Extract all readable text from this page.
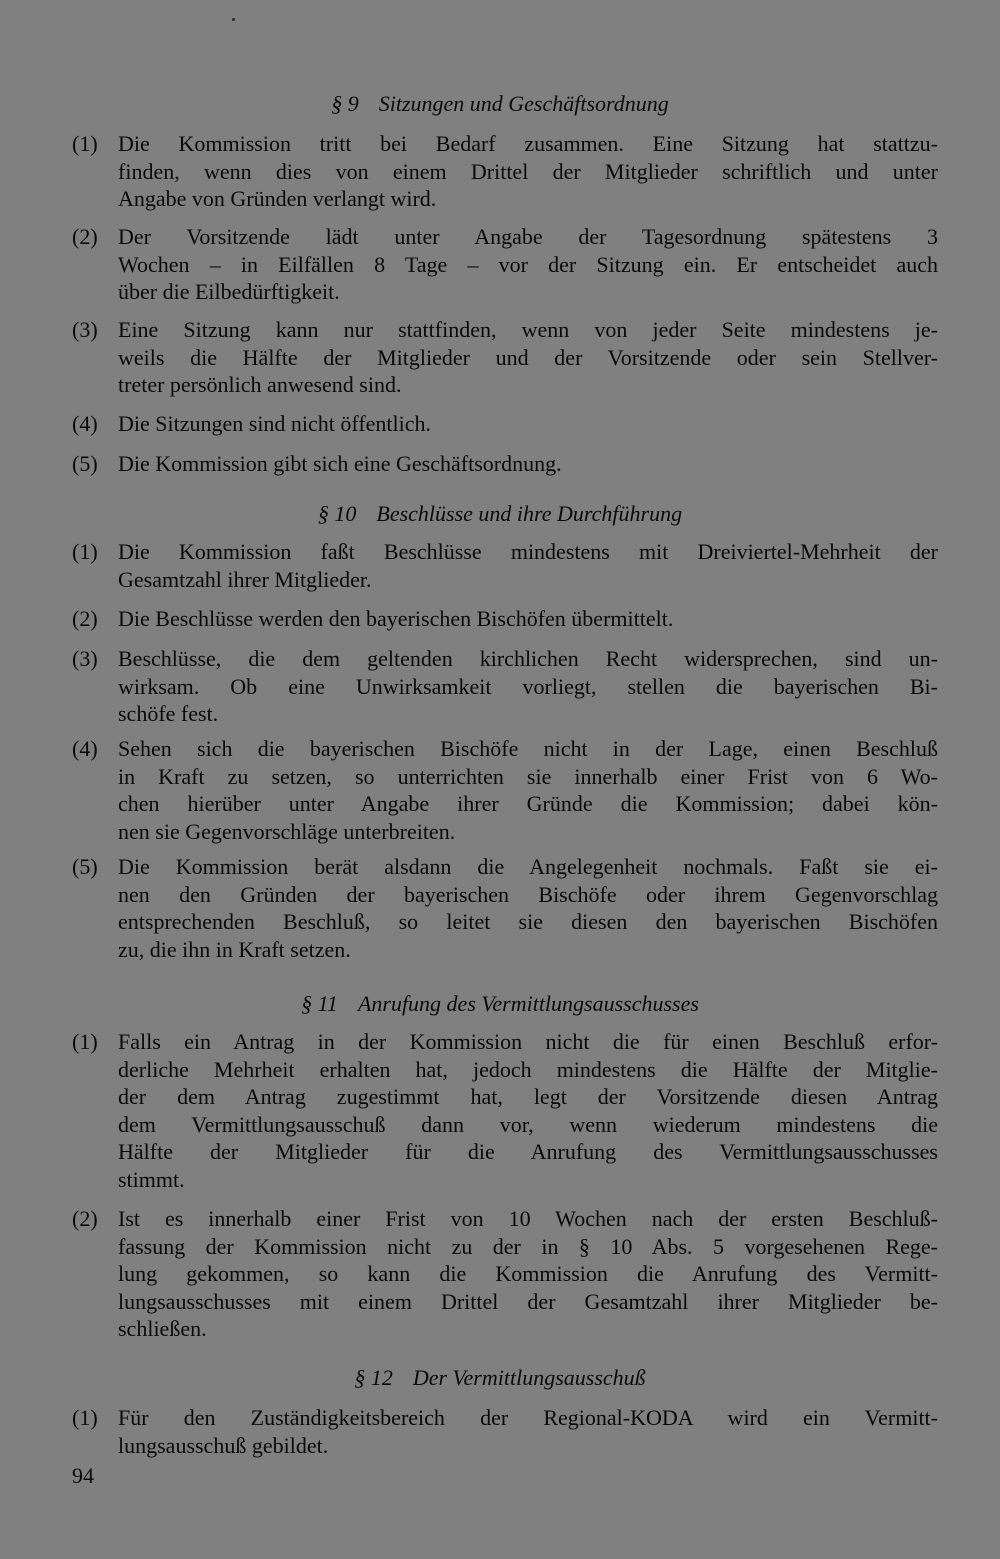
§ 9 Sitzungen und Geschäftsordnung
(1) Die Kommission tritt bei Bedarf zusammen. Eine Sitzung hat stattzu-
finden, wenn dies von einem Drittel der Mitglieder schriftlich und unter
Angabe von Gründen verlangt wird.
(2) Der Vorsitzende lädt unter Angabe der Tagesordnung spätestens 3
Wochen – in Eilfällen 8 Tage – vor der Sitzung ein. Er entscheidet auch
über die Eilbedürftigkeit.
(3) Eine Sitzung kann nur stattfinden, wenn von jeder Seite mindestens je-
weils die Hälfte der Mitglieder und der Vorsitzende oder sein Stellver-
treter persönlich anwesend sind.
(4) Die Sitzungen sind nicht öffentlich.
(5) Die Kommission gibt sich eine Geschäftsordnung.
§ 10 Beschlüsse und ihre Durchführung
(1) Die Kommission faßt Beschlüsse mindestens mit Dreiviertel-Mehrheit der
Gesamtzahl ihrer Mitglieder.
(2) Die Beschlüsse werden den bayerischen Bischöfen übermittelt.
(3) Beschlüsse, die dem geltenden kirchlichen Recht widersprechen, sind un-
wirksam. Ob eine Unwirksamkeit vorliegt, stellen die bayerischen Bi-
schöfe fest.
(4) Sehen sich die bayerischen Bischöfe nicht in der Lage, einen Beschluß
in Kraft zu setzen, so unterrichten sie innerhalb einer Frist von 6 Wo-
chen hierüber unter Angabe ihrer Gründe die Kommission; dabei kön-
nen sie Gegenvorschläge unterbreiten.
(5) Die Kommission berät alsdann die Angelegenheit nochmals. Faßt sie ei-
nen den Gründen der bayerischen Bischöfe oder ihrem Gegenvorschlag
entsprechenden Beschluß, so leitet sie diesen den bayerischen Bischöfen
zu, die ihn in Kraft setzen.
§ 11 Anrufung des Vermittlungsausschusses
(1) Falls ein Antrag in der Kommission nicht die für einen Beschluß erfor-
derliche Mehrheit erhalten hat, jedoch mindestens die Hälfte der Mitglie-
der dem Antrag zugestimmt hat, legt der Vorsitzende diesen Antrag
dem Vermittlungsausschuß dann vor, wenn wiederum mindestens die
Hälfte der Mitglieder für die Anrufung des Vermittlungsausschusses
stimmt.
(2) Ist es innerhalb einer Frist von 10 Wochen nach der ersten Beschluß-
fassung der Kommission nicht zu der in § 10 Abs. 5 vorgesehenen Rege-
lung gekommen, so kann die Kommission die Anrufung des Vermitt-
lungsausschusses mit einem Drittel der Gesamtzahl ihrer Mitglieder be-
schließen.
§ 12 Der Vermittlungsausschuß
(1) Für den Zuständigkeitsbereich der Regional-KODA wird ein Vermitt-
lungsausschuß gebildet.
94
